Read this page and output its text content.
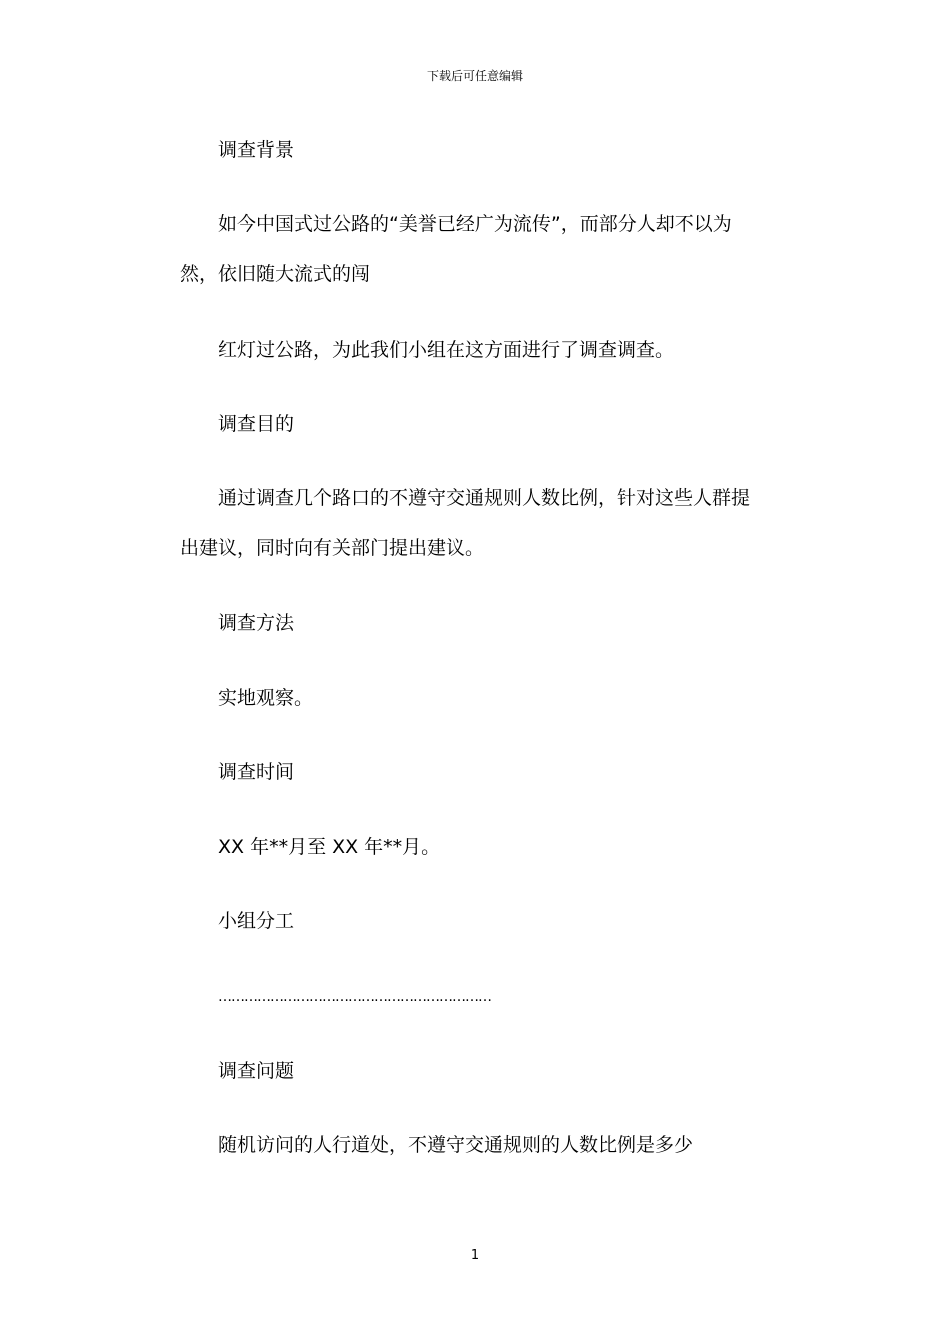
下载后可任意编辑

调查背景

如今中国式过公路的“美誉已经广为流传”，而部分人却不以为然，依旧随大流式的闯

红灯过公路，为此我们小组在这方面进行了调查调查。

调查目的

通过调查几个路口的不遵守交通规则人数比例，针对这些人群提出建议，同时向有关部门提出建议。

调查方法

实地观察。

调查时间

XX 年**月至 XX 年**月。

小组分工

………………………………………………………

调查问题

随机访问的人行道处，不遵守交通规则的人数比例是多少

1
